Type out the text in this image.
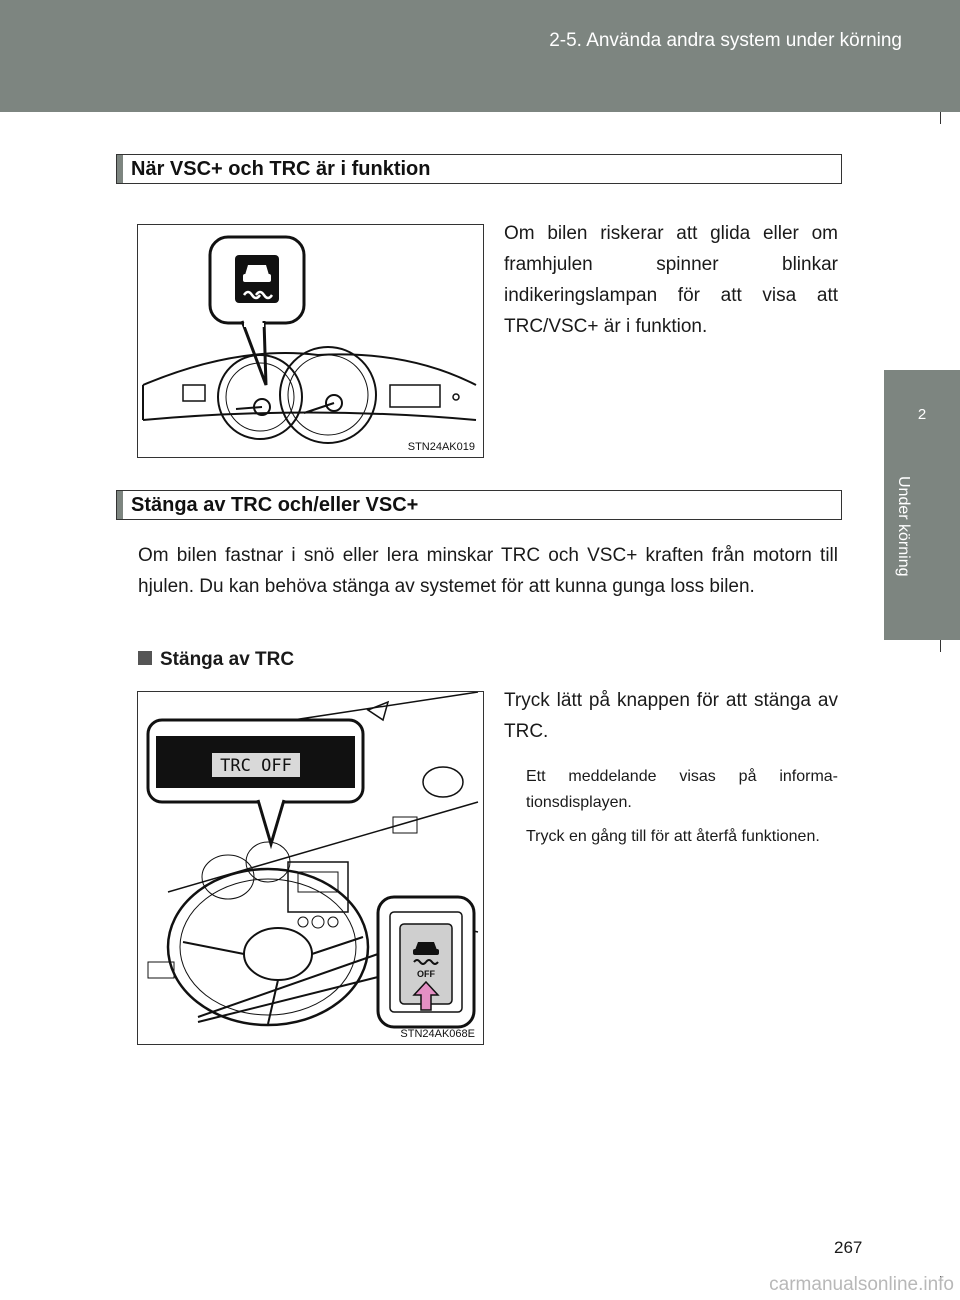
2-5. Använda andra system under körning
2
Under körning
När VSC+ och TRC är i funktion
STN24AK019
Om bilen riskerar att glida eller om framhjulen spinner blinkar indikeringslampan för att visa att TRC/VSC+ är i funktion.
Stänga av TRC och/eller VSC+
Om bilen fastnar i snö eller lera minskar TRC och VSC+ kraften från motorn till hjulen. Du kan behöva stänga av systemet för att kunna gunga loss bilen.
Stänga av TRC
TRC OFF
OFF
STN24AK068E
Tryck lätt på knappen för att stänga av TRC.
Ett meddelande visas på informa-tionsdisplayen.
Tryck en gång till för att återfå funktionen.
267
carmanualsonline.info
